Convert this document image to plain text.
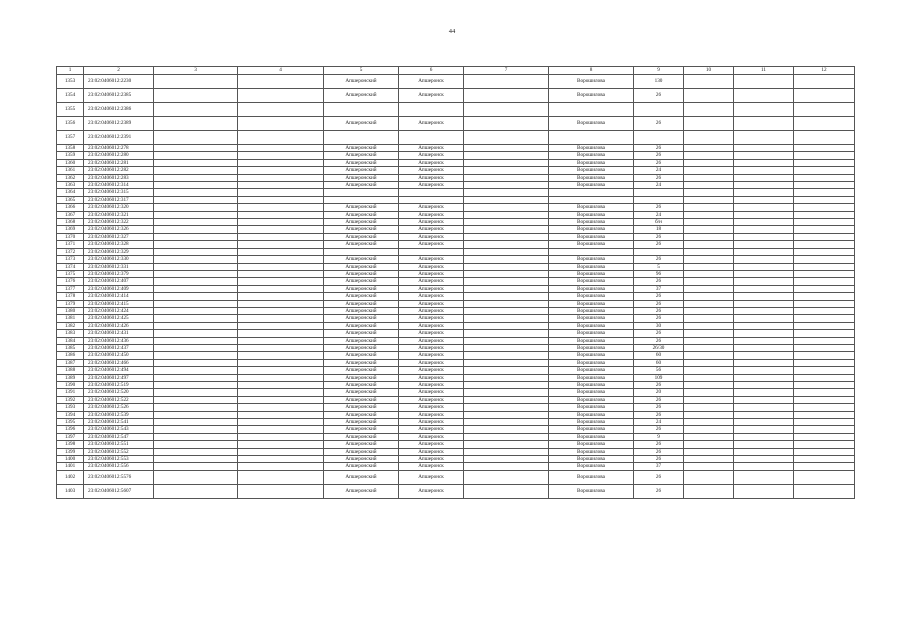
44
1	2	3	4	5	6	7	8	9	10	11	12
1353	23:02:0406012:2230			Апшеронский	Апшеронск		Ворошилова	130			
1354	23:02:0406012:2385			Апшеронский	Апшеронск		Ворошилова	26			
1355	23:02:0406012:2386										
1356	23:02:0406012:2389			Апшеронский	Апшеронск		Ворошилова	26			
1357	23:02:0406012:2391										
1358	23:02:0406012:278			Апшеронский	Апшеронск		Ворошилова	26			
1359	23:02:0406012:280			Апшеронский	Апшеронск		Ворошилова	26			
1360	23:02:0406012:281			Апшеронский	Апшеронск		Ворошилова	26			
1361	23:02:0406012:282			Апшеронский	Апшеронск		Ворошилова	24			
1362	23:02:0406012:283			Апшеронский	Апшеронск		Ворошилова	26			
1363	23:02:0406012:314			Апшеронский	Апшеронск		Ворошилова	24			
1364	23:02:0406012:315										
1365	23:02:0406012:317										
1366	23:02:0406012:320			Апшеронский	Апшеронск		Ворошилова	26			
1367	23:02:0406012:321			Апшеронский	Апшеронск		Ворошилова	24			
1368	23:02:0406012:322			Апшеронский	Апшеронск		Ворошилова	б/н			
1369	23:02:0406012:326			Апшеронский	Апшеронск		Ворошилова	18			
1370	23:02:0406012:327			Апшеронский	Апшеронск		Ворошилова	26			
1371	23:02:0406012:328			Апшеронский	Апшеронск		Ворошилова	26			
1372	23:02:0406012:329										
1373	23:02:0406012:330			Апшеронский	Апшеронск		Ворошилова	26			
1374	23:02:0406012:331			Апшеронский	Апшеронск		Ворошилова	5			
1375	23:02:0406012:379			Апшеронский	Апшеронск		Ворошилова	96			
1376	23:02:0406012:407			Апшеронский	Апшеронск		Ворошилова	26			
1377	23:02:0406012:409			Апшеронский	Апшеронск		Ворошилова	37			
1378	23:02:0406012:414			Апшеронский	Апшеронск		Ворошилова	26			
1379	23:02:0406012:415			Апшеронский	Апшеронск		Ворошилова	26			
1380	23:02:0406012:424			Апшеронский	Апшеронск		Ворошилова	26			
1381	23:02:0406012:425			Апшеронский	Апшеронск		Ворошилова	26			
1382	23:02:0406012:426			Апшеронский	Апшеронск		Ворошилова	30			
1383	23:02:0406012:431			Апшеронский	Апшеронск		Ворошилова	26			
1384	23:02:0406012:436			Апшеронский	Апшеронск		Ворошилова	26			
1385	23:02:0406012:437			Апшеронский	Апшеронск		Ворошилова	26/30			
1386	23:02:0406012:450			Апшеронский	Апшеронск		Ворошилова	60			
1387	23:02:0406012:466			Апшеронский	Апшеронск		Ворошилова	60			
1388	23:02:0406012:494			Апшеронский	Апшеронск		Ворошилова	56			
1389	23:02:0406012:497			Апшеронский	Апшеронск		Ворошилова	109			
1390	23:02:0406012:519			Апшеронский	Апшеронск		Ворошилова	26			
1391	23:02:0406012:520			Апшеронский	Апшеронск		Ворошилова	20			
1392	23:02:0406012:522			Апшеронский	Апшеронск		Ворошилова	26			
1393	23:02:0406012:526			Апшеронский	Апшеронск		Ворошилова	26			
1394	23:02:0406012:539			Апшеронский	Апшеронск		Ворошилова	26			
1395	23:02:0406012:541			Апшеронский	Апшеронск		Ворошилова	24			
1396	23:02:0406012:543			Апшеронский	Апшеронск		Ворошилова	26			
1397	23:02:0406012:547			Апшеронский	Апшеронск		Ворошилова	9			
1398	23:02:0406012:551			Апшеронский	Апшеронск		Ворошилова	26			
1399	23:02:0406012:552			Апшеронский	Апшеронск		Ворошилова	26			
1400	23:02:0406012:553			Апшеронский	Апшеронск		Ворошилова	26			
1401	23:02:0406012:556			Апшеронский	Апшеронск		Ворошилова	37			
1402	23:02:0406012:5576			Апшеронский	Апшеронск		Ворошилова	26			
1403	23:02:0406012:5607			Апшеронский	Апшеронск		Ворошилова	26			
